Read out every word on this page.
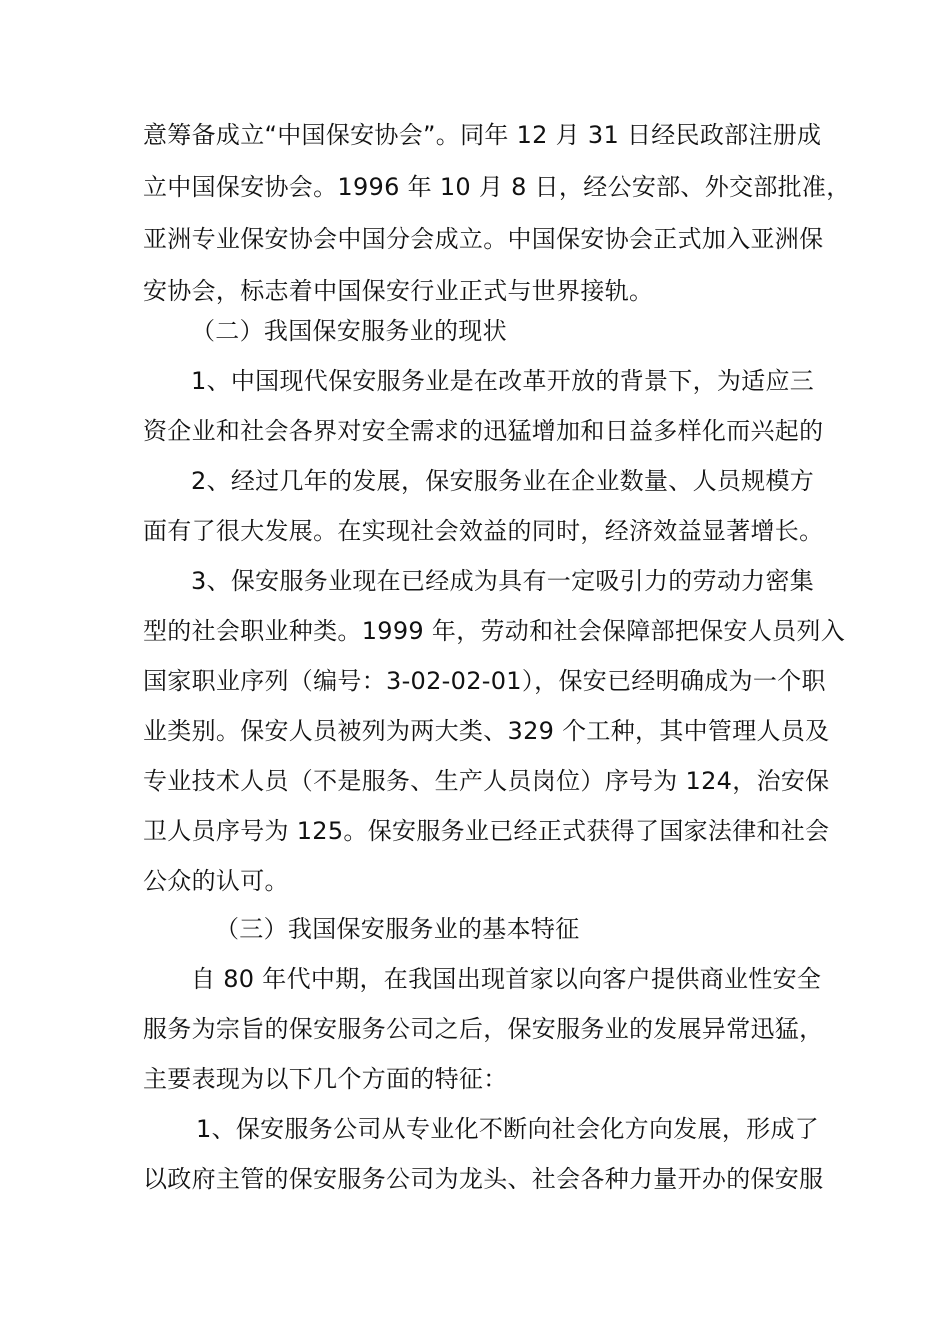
意筹备成立“中国保安协会”。同年 12 月 31 日经民政部注册成
立中国保安协会。1996 年 10 月 8 日，经公安部、外交部批准，
亚洲专业保安协会中国分会成立。中国保安协会正式加入亚洲保
安协会，标志着中国保安行业正式与世界接轨。
（二）我国保安服务业的现状
1、中国现代保安服务业是在改革开放的背景下，为适应三
资企业和社会各界对安全需求的迅猛增加和日益多样化而兴起的
2、经过几年的发展，保安服务业在企业数量、人员规模方
面有了很大发展。在实现社会效益的同时，经济效益显著增长。
3、保安服务业现在已经成为具有一定吸引力的劳动力密集
型的社会职业种类。1999 年，劳动和社会保障部把保安人员列入
国家职业序列（编号：3-02-02-01），保安已经明确成为一个职
业类别。保安人员被列为两大类、329 个工种，其中管理人员及
专业技术人员（不是服务、生产人员岗位）序号为 124，治安保
卫人员序号为 125。保安服务业已经正式获得了国家法律和社会
公众的认可。
（三）我国保安服务业的基本特征
自 80 年代中期，在我国出现首家以向客户提供商业性安全
服务为宗旨的保安服务公司之后，保安服务业的发展异常迅猛，
主要表现为以下几个方面的特征：
1、保安服务公司从专业化不断向社会化方向发展，形成了
以政府主管的保安服务公司为龙头、社会各种力量开办的保安服
